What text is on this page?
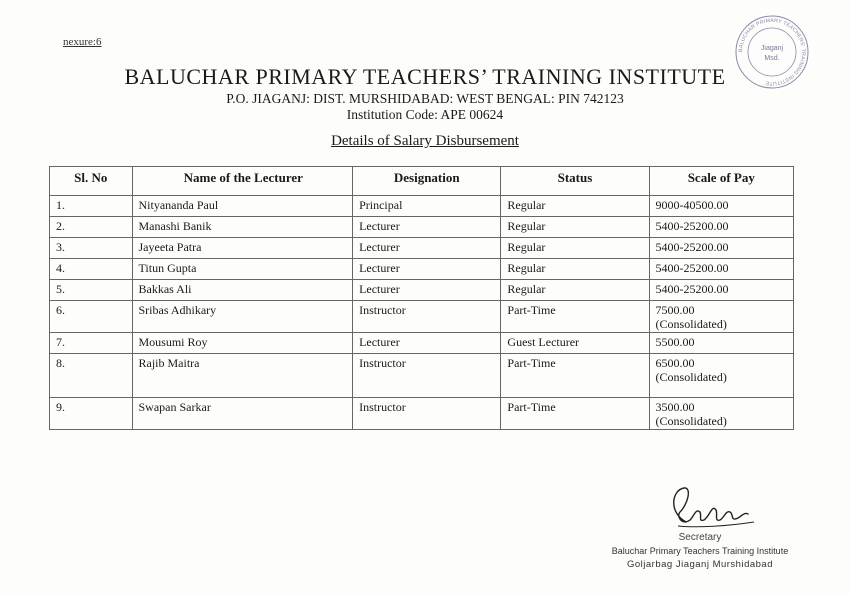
nexure:6
BALUCHAR PRIMARY TEACHERS' TRAINING INSTITUTE
Jiaganj
Msd.
BALUCHAR PRIMARY TEACHERS’ TRAINING INSTITUTE
P.O. JIAGANJ: DIST. MURSHIDABAD: WEST BENGAL: PIN 742123
Institution Code: APE 00624
Details of Salary Disbursement
Sl. No	Name of the Lecturer	Designation	Status	Scale of Pay
1.	Nityananda Paul	Principal	Regular	9000-40500.00

2.	Manashi Banik	Lecturer	Regular	5400-25200.00

3.	Jayeeta Patra	Lecturer	Regular	5400-25200.00

4.	Titun Gupta	Lecturer	Regular	5400-25200.00

5.	Bakkas Ali	Lecturer	Regular	5400-25200.00

6.	Sribas Adhikary	Instructor	Part-Time	7500.00
(Consolidated)

7.	Mousumi Roy	Lecturer	Guest Lecturer	5500.00

8.	Rajib Maitra	Instructor	Part-Time	6500.00
(Consolidated)

9.	Swapan Sarkar	Instructor	Part-Time	3500.00
(Consolidated)
Secretary
Baluchar Primary Teachers Training Institute
Goljarbag Jiaganj Murshidabad
